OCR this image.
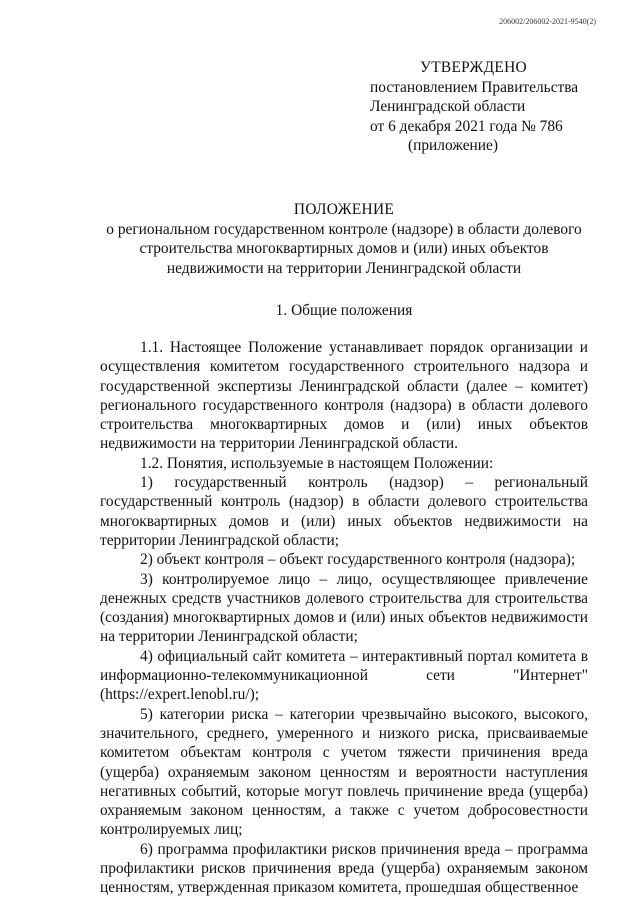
206002/206002-2021-9540(2)
УТВЕРЖДЕНО
постановлением Правительства
Ленинградской области
от 6 декабря 2021 года № 786
(приложение)
ПОЛОЖЕНИЕ
о региональном государственном контроле (надзоре) в области долевого строительства многоквартирных домов и (или) иных объектов недвижимости на территории Ленинградской области
1. Общие положения

1.1. Настоящее Положение устанавливает порядок организации и осуществления комитетом государственного строительного надзора и государственной экспертизы Ленинградской области (далее – комитет) регионального государственного контроля (надзора) в области долевого строительства многоквартирных домов и (или) иных объектов недвижимости на территории Ленинградской области.

1.2. Понятия, используемые в настоящем Положении:

1) государственный контроль (надзор) – региональный государственный контроль (надзор) в области долевого строительства многоквартирных домов и (или) иных объектов недвижимости на территории Ленинградской области;

2) объект контроля – объект государственного контроля (надзора);

3) контролируемое лицо – лицо, осуществляющее привлечение денежных средств участников долевого строительства для строительства (создания) многоквартирных домов и (или) иных объектов недвижимости на территории Ленинградской области;

4) официальный сайт комитета – интерактивный портал комитета в информационно-телекоммуникационной сети "Интернет" (https://expert.lenobl.ru/);

5) категории риска – категории чрезвычайно высокого, высокого, значительного, среднего, умеренного и низкого риска, присваиваемые комитетом объектам контроля с учетом тяжести причинения вреда (ущерба) охраняемым законом ценностям и вероятности наступления негативных событий, которые могут повлечь причинение вреда (ущерба) охраняемым законом ценностям, а также с учетом добросовестности контролируемых лиц;

6) программа профилактики рисков причинения вреда – программа профилактики рисков причинения вреда (ущерба) охраняемым законом ценностям, утвержденная приказом комитета, прошедшая общественное
